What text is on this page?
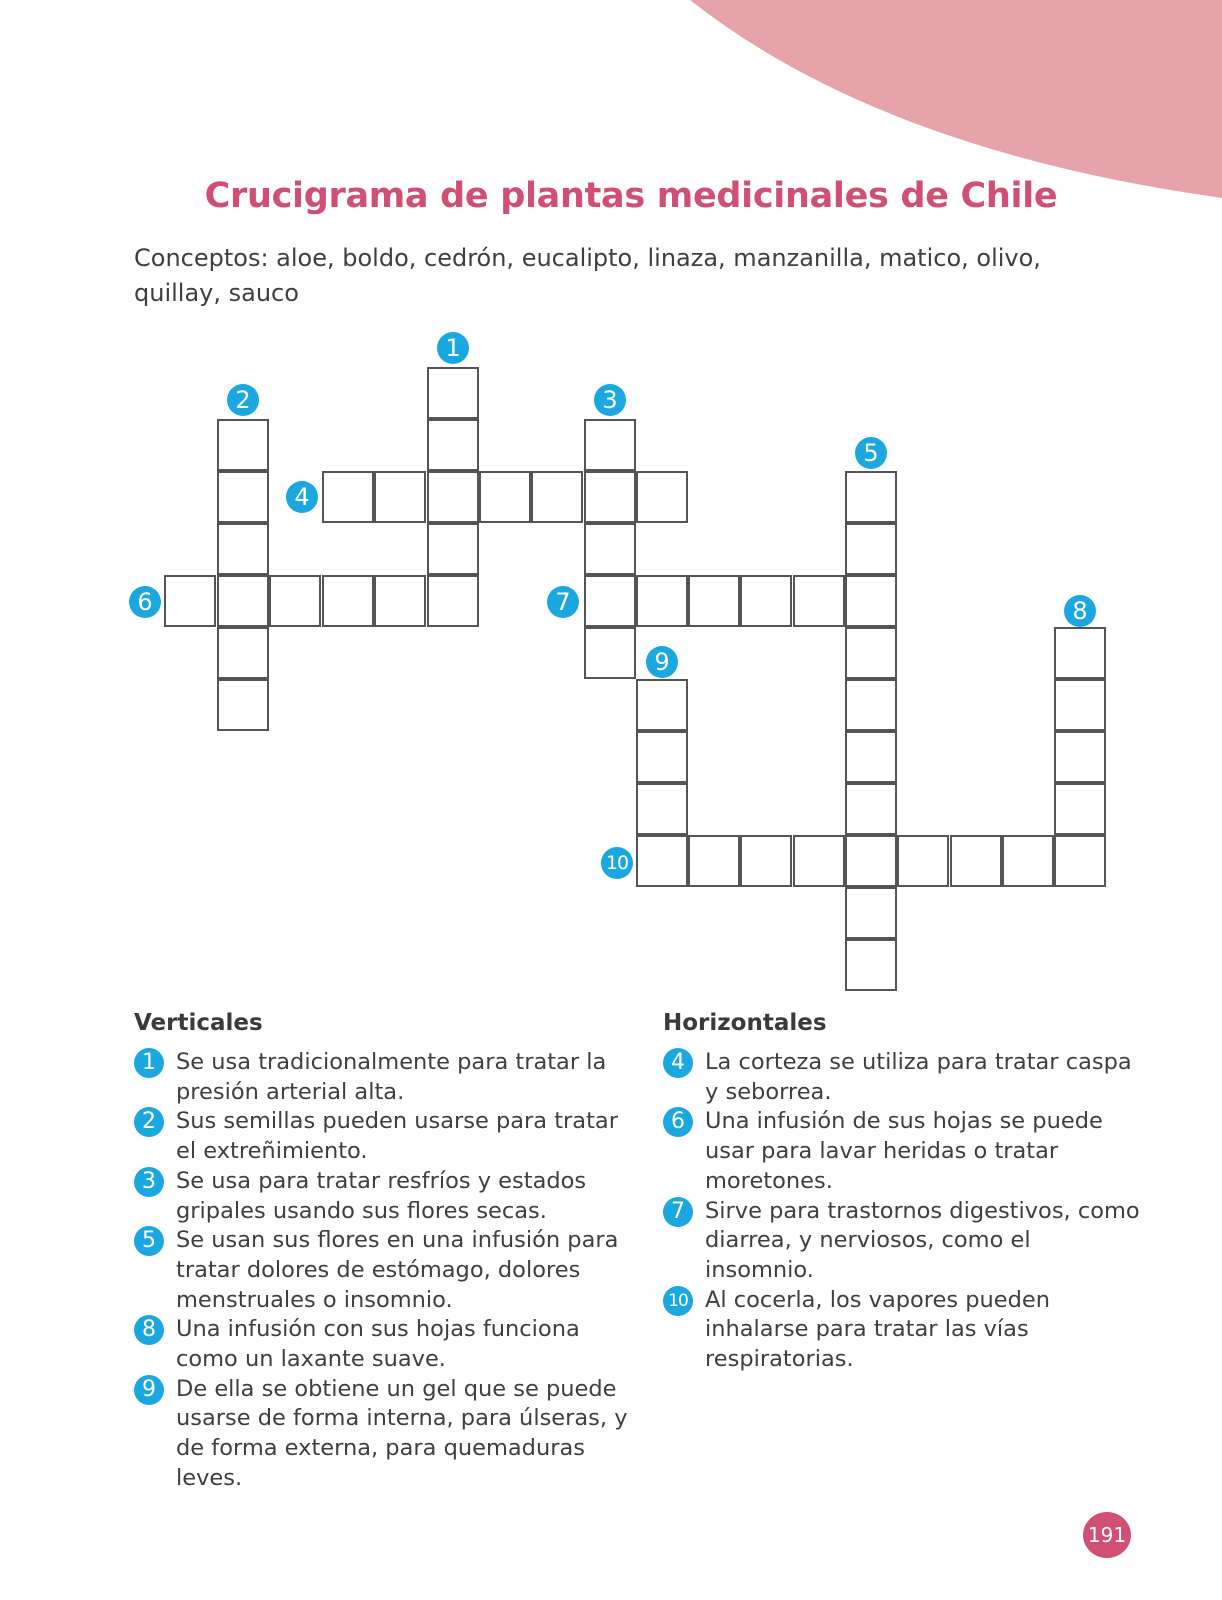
Crucigrama de plantas medicinales de Chile
Conceptos: aloe, boldo, cedrón, eucalipto, linaza, manzanilla, matico, olivo, quillay, sauco
1
2	3
4
5
6	7	8
9
10
Verticales
1 Se usa tradicionalmente para tratar la presión arterial alta.
2 Sus semillas pueden usarse para tratar el extreñimiento.
3 Se usa para tratar resfríos y estados gripales usando sus flores secas.
5 Se usan sus flores en una infusión para tratar dolores de estómago, dolores menstruales o insomnio.
8 Una infusión con sus hojas funciona como un laxante suave.
9 De ella se obtiene un gel que se puede usarse de forma interna, para úlseras, y de forma externa, para quemaduras leves.
Horizontales
4 La corteza se utiliza para tratar caspa y seborrea.
6 Una infusión de sus hojas se puede usar para lavar heridas o tratar moretones.
7 Sirve para trastornos digestivos, como diarrea, y nerviosos, como el insomnio.
10 Al cocerla, los vapores pueden inhalarse para tratar las vías respiratorias.
191
